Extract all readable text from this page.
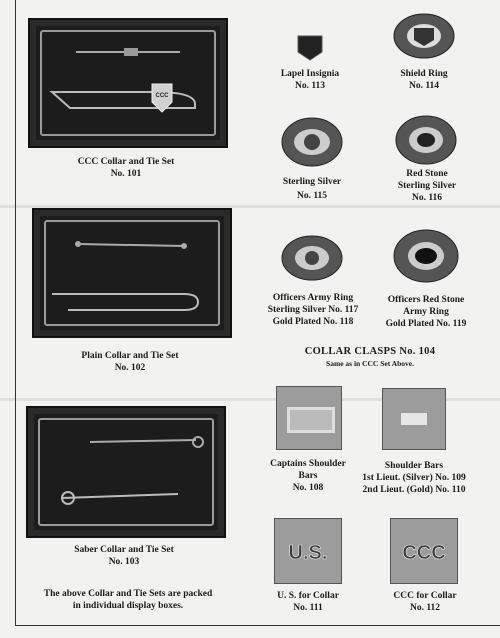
CCC
CCC Collar and Tie Set
No. 101
Plain Collar and Tie Set
No. 102
Saber Collar and Tie Set
No. 103
The above Collar and Tie Sets are packed
in individual display boxes.
Lapel Insignia
No. 113
Shield Ring
No. 114
Sterling Silver
No. 115
Red Stone
Sterling Silver
No. 116
Officers Army Ring
Sterling Silver No. 117
Gold Plated No. 118
Officers Red Stone
Army Ring
Gold Plated No. 119
COLLAR CLASPS No. 104
Same as in CCC Set Above.
Captains Shoulder
Bars
No. 108
Shoulder Bars
1st Lieut. (Silver) No. 109
2nd Lieut. (Gold) No. 110
U.S.
U. S. for Collar
No. 111
CCC
CCC for Collar
No. 112
